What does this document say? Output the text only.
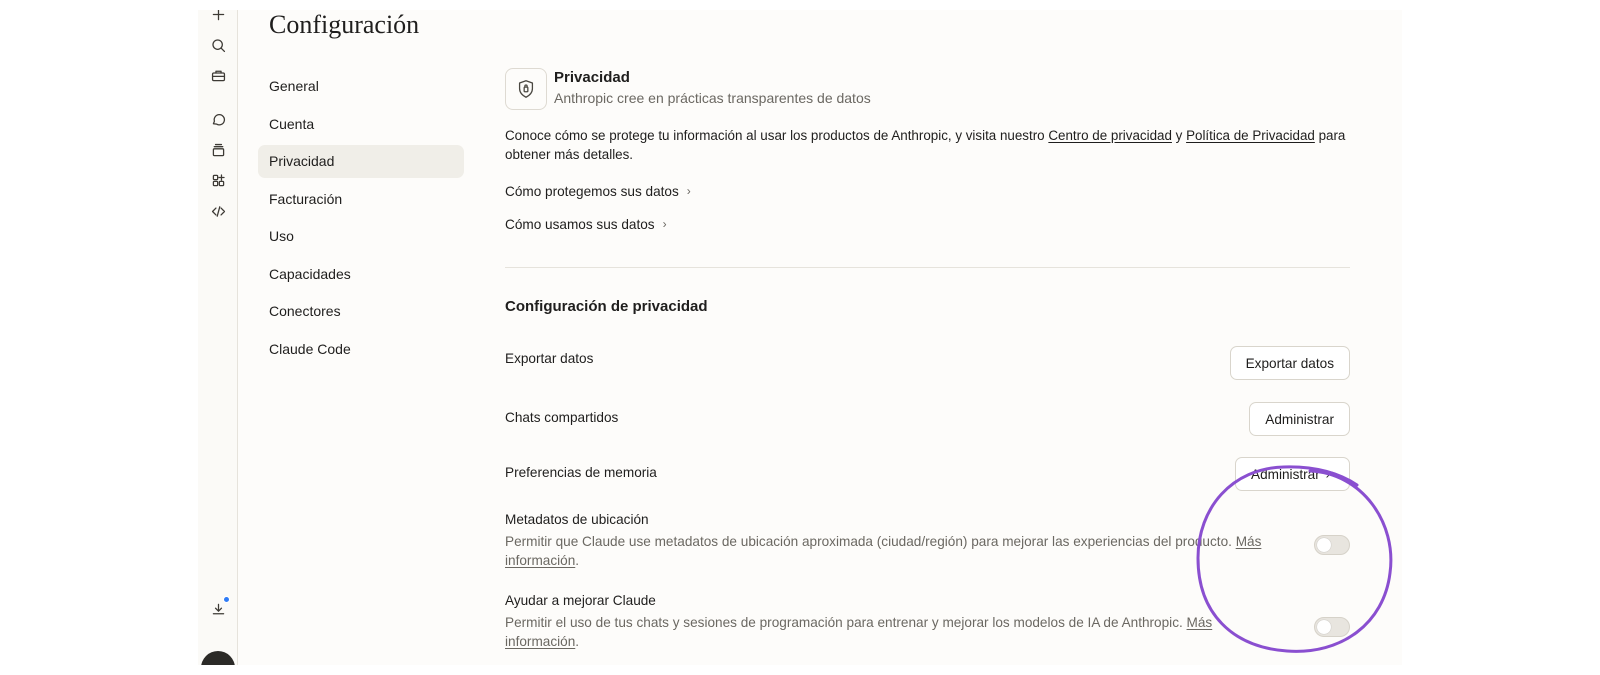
Configuración
General
Cuenta
Privacidad
Facturación
Uso
Capacidades
Conectores
Claude Code
Privacidad
Anthropic cree en prácticas transparentes de datos
Conoce cómo se protege tu información al usar los productos de Anthropic, y visita nuestro Centro de privacidad y Política de Privacidad para obtener más detalles.
Cómo protegemos sus datos ›
Cómo usamos sus datos ›
Configuración de privacidad
Exportar datos	Exportar datos
Chats compartidos	Administrar
Preferencias de memoria	Administrar ↗
Metadatos de ubicación
Permitir que Claude use metadatos de ubicación aproximada (ciudad/región) para mejorar las experiencias del producto. Más información.
Ayudar a mejorar Claude
Permitir el uso de tus chats y sesiones de programación para entrenar y mejorar los modelos de IA de Anthropic. Más información.
